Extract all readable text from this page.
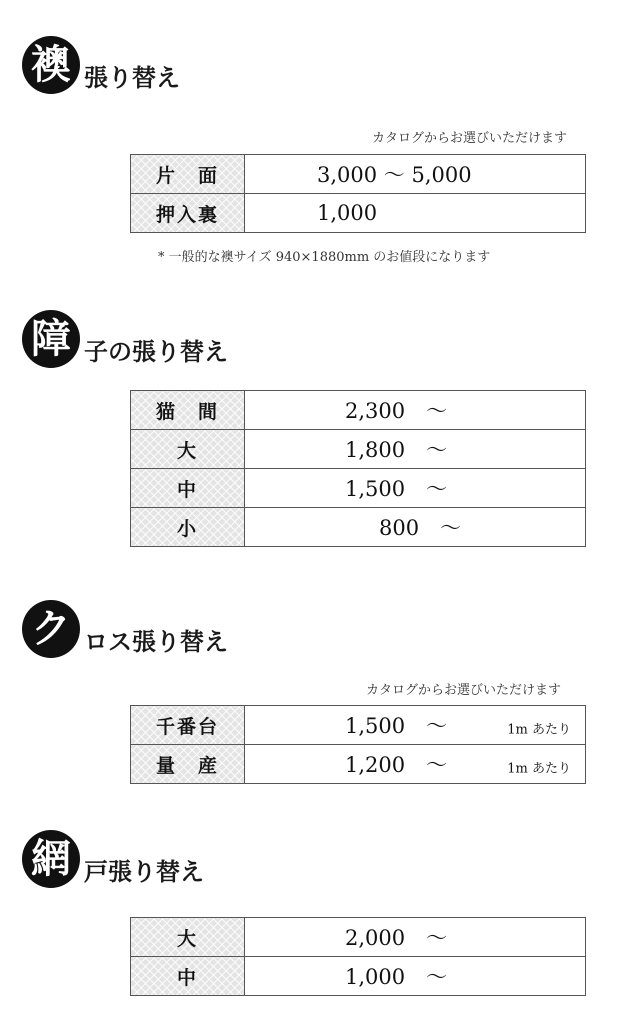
襖 張り替え
カタログからお選びいただけます
片　面	3,000 〜 5,000

押入裏	1,000
* 一般的な襖サイズ 940×1880mm のお値段になります
障 子の張り替え
猫　間	2,300　〜

大	1,800　〜

中	1,500　〜

小	800　〜
ク ロス張り替え
カタログからお選びいただけます
千番台	1,500　〜 1m あたり

量　産	1,200　〜 1m あたり
網 戸張り替え
大	2,000　〜

中	1,000　〜
